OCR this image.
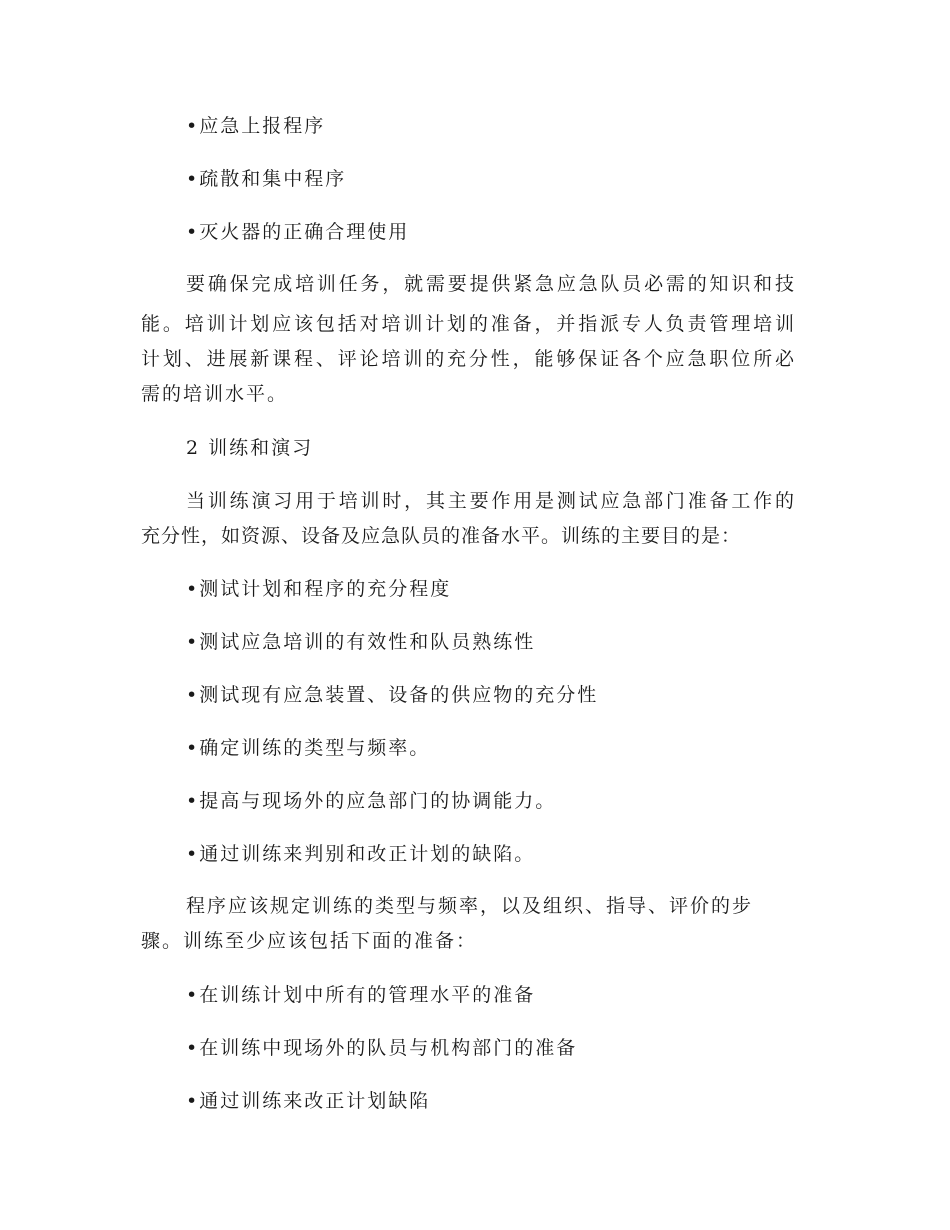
•应急上报程序
•疏散和集中程序
•灭火器的正确合理使用
要确保完成培训任务，就需要提供紧急应急队员必需的知识和技
能。培训计划应该包括对培训计划的准备，并指派专人负责管理培训
计划、进展新课程、评论培训的充分性，能够保证各个应急职位所必
需的培训水平。
2 训练和演习
当训练演习用于培训时，其主要作用是测试应急部门准备工作的
充分性，如资源、设备及应急队员的准备水平。训练的主要目的是：
•测试计划和程序的充分程度
•测试应急培训的有效性和队员熟练性
•测试现有应急装置、设备的供应物的充分性
•确定训练的类型与频率。
•提高与现场外的应急部门的协调能力。
•通过训练来判别和改正计划的缺陷。
程序应该规定训练的类型与频率，以及组织、指导、评价的步
骤。训练至少应该包括下面的准备：
•在训练计划中所有的管理水平的准备
•在训练中现场外的队员与机构部门的准备
•通过训练来改正计划缺陷
